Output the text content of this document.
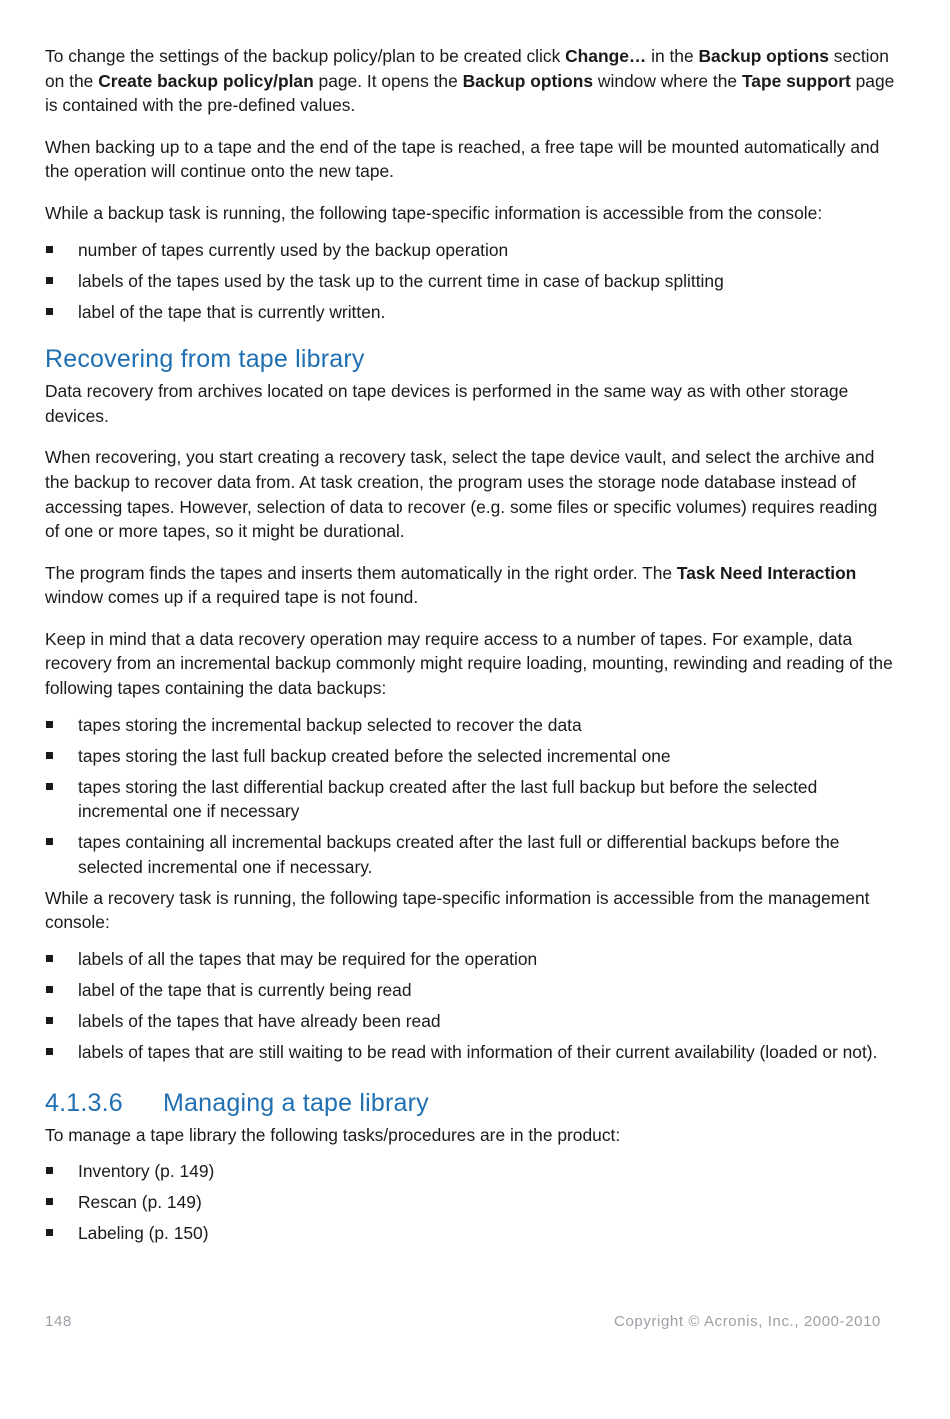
To change the settings of the backup policy/plan to be created click Change… in the Backup options section on the Create backup policy/plan page. It opens the Backup options window where the Tape support page is contained with the pre-defined values.

When backing up to a tape and the end of the tape is reached, a free tape will be mounted automatically and the operation will continue onto the new tape.

While a backup task is running, the following tape-specific information is accessible from the console:

number of tapes currently used by the backup operation
labels of the tapes used by the task up to the current time in case of backup splitting
label of the tape that is currently written.
Recovering from tape library

Data recovery from archives located on tape devices is performed in the same way as with other storage devices.

When recovering, you start creating a recovery task, select the tape device vault, and select the archive and the backup to recover data from. At task creation, the program uses the storage node database instead of accessing tapes. However, selection of data to recover (e.g. some files or specific volumes) requires reading of one or more tapes, so it might be durational.

The program finds the tapes and inserts them automatically in the right order. The Task Need Interaction window comes up if a required tape is not found.

Keep in mind that a data recovery operation may require access to a number of tapes. For example, data recovery from an incremental backup commonly might require loading, mounting, rewinding and reading of the following tapes containing the data backups:

tapes storing the incremental backup selected to recover the data
tapes storing the last full backup created before the selected incremental one
tapes storing the last differential backup created after the last full backup but before the selected incremental one if necessary
tapes containing all incremental backups created after the last full or differential backups before the selected incremental one if necessary.

While a recovery task is running, the following tape-specific information is accessible from the management console:

labels of all the tapes that may be required for the operation
label of the tape that is currently being read
labels of the tapes that have already been read
labels of tapes that are still waiting to be read with information of their current availability (loaded or not).
4.1.3.6 Managing a tape library

To manage a tape library the following tasks/procedures are in the product:

Inventory (p. 149)
Rescan (p. 149)
Labeling (p. 150)
148	Copyright © Acronis, Inc., 2000-2010
